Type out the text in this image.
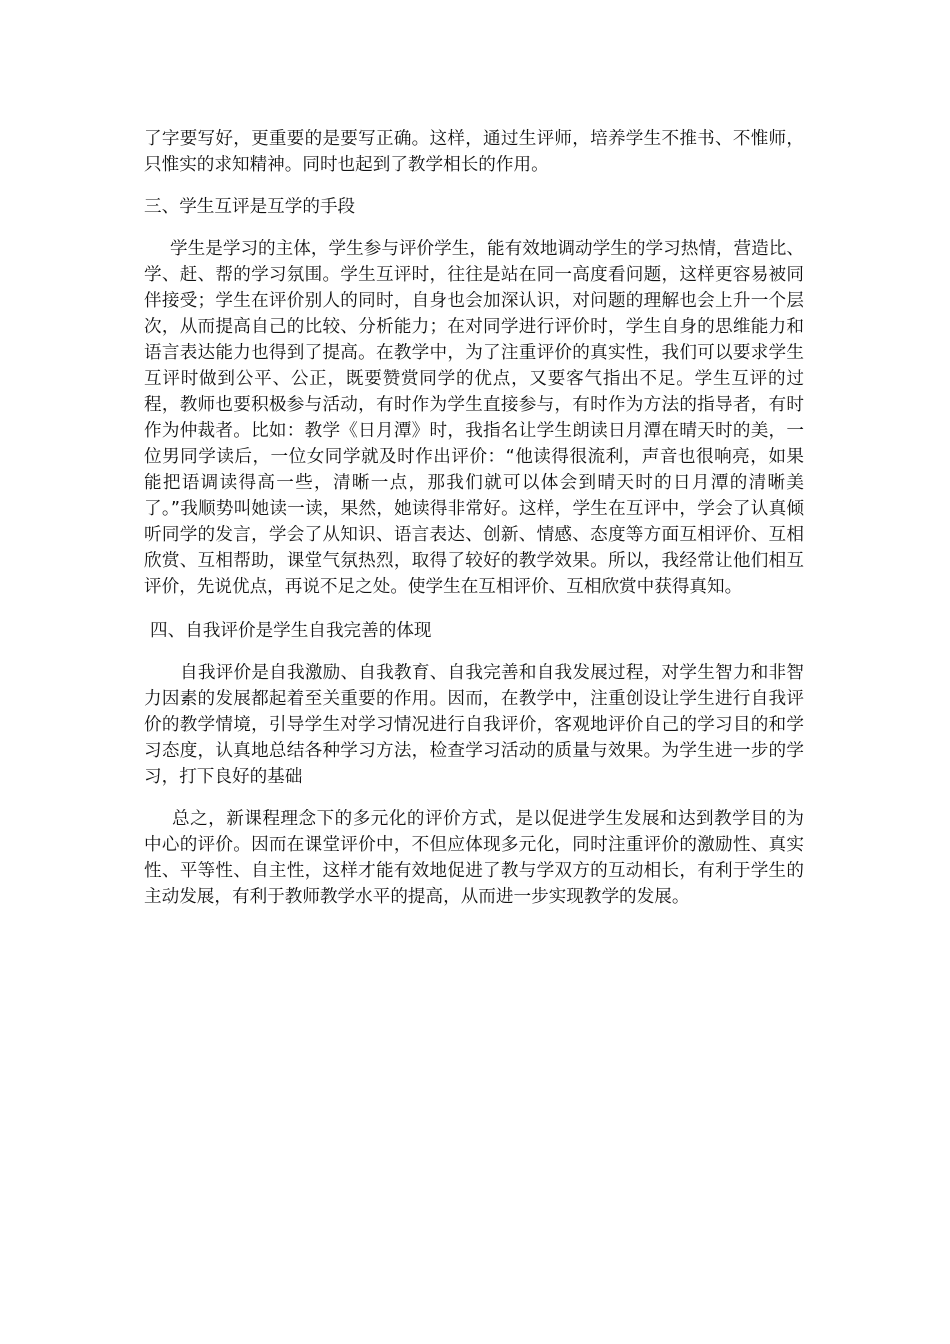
了字要写好，更重要的是要写正确。这样，通过生评师，培养学生不推书、不惟师，只惟实的求知精神。同时也起到了教学相长的作用。

三、学生互评是互学的手段

学生是学习的主体，学生参与评价学生，能有效地调动学生的学习热情，营造比、学、赶、帮的学习氛围。学生互评时，往往是站在同一高度看问题，这样更容易被同伴接受；学生在评价别人的同时，自身也会加深认识，对问题的理解也会上升一个层次，从而提高自己的比较、分析能力；在对同学进行评价时，学生自身的思维能力和语言表达能力也得到了提高。在教学中，为了注重评价的真实性，我们可以要求学生互评时做到公平、公正，既要赞赏同学的优点，又要客气指出不足。学生互评的过程，教师也要积极参与活动，有时作为学生直接参与，有时作为方法的指导者，有时作为仲裁者。比如：教学《日月潭》时，我指名让学生朗读日月潭在晴天时的美，一位男同学读后，一位女同学就及时作出评价：“他读得很流利，声音也很响亮，如果能把语调读得高一些，清晰一点，那我们就可以体会到晴天时的日月潭的清晰美了。”我顺势叫她读一读，果然，她读得非常好。这样，学生在互评中，学会了认真倾听同学的发言，学会了从知识、语言表达、创新、情感、态度等方面互相评价、互相欣赏、互相帮助，课堂气氛热烈，取得了较好的教学效果。所以，我经常让他们相互评价，先说优点，再说不足之处。使学生在互相评价、互相欣赏中获得真知。

四、自我评价是学生自我完善的体现

自我评价是自我激励、自我教育、自我完善和自我发展过程，对学生智力和非智力因素的发展都起着至关重要的作用。因而，在教学中，注重创设让学生进行自我评价的教学情境，引导学生对学习情况进行自我评价，客观地评价自己的学习目的和学习态度，认真地总结各种学习方法，检查学习活动的质量与效果。为学生进一步的学习，打下良好的基础

总之，新课程理念下的多元化的评价方式，是以促进学生发展和达到教学目的为中心的评价。因而在课堂评价中，不但应体现多元化，同时注重评价的激励性、真实性、平等性、自主性，这样才能有效地促进了教与学双方的互动相长，有利于学生的主动发展，有利于教师教学水平的提高，从而进一步实现教学的发展。
